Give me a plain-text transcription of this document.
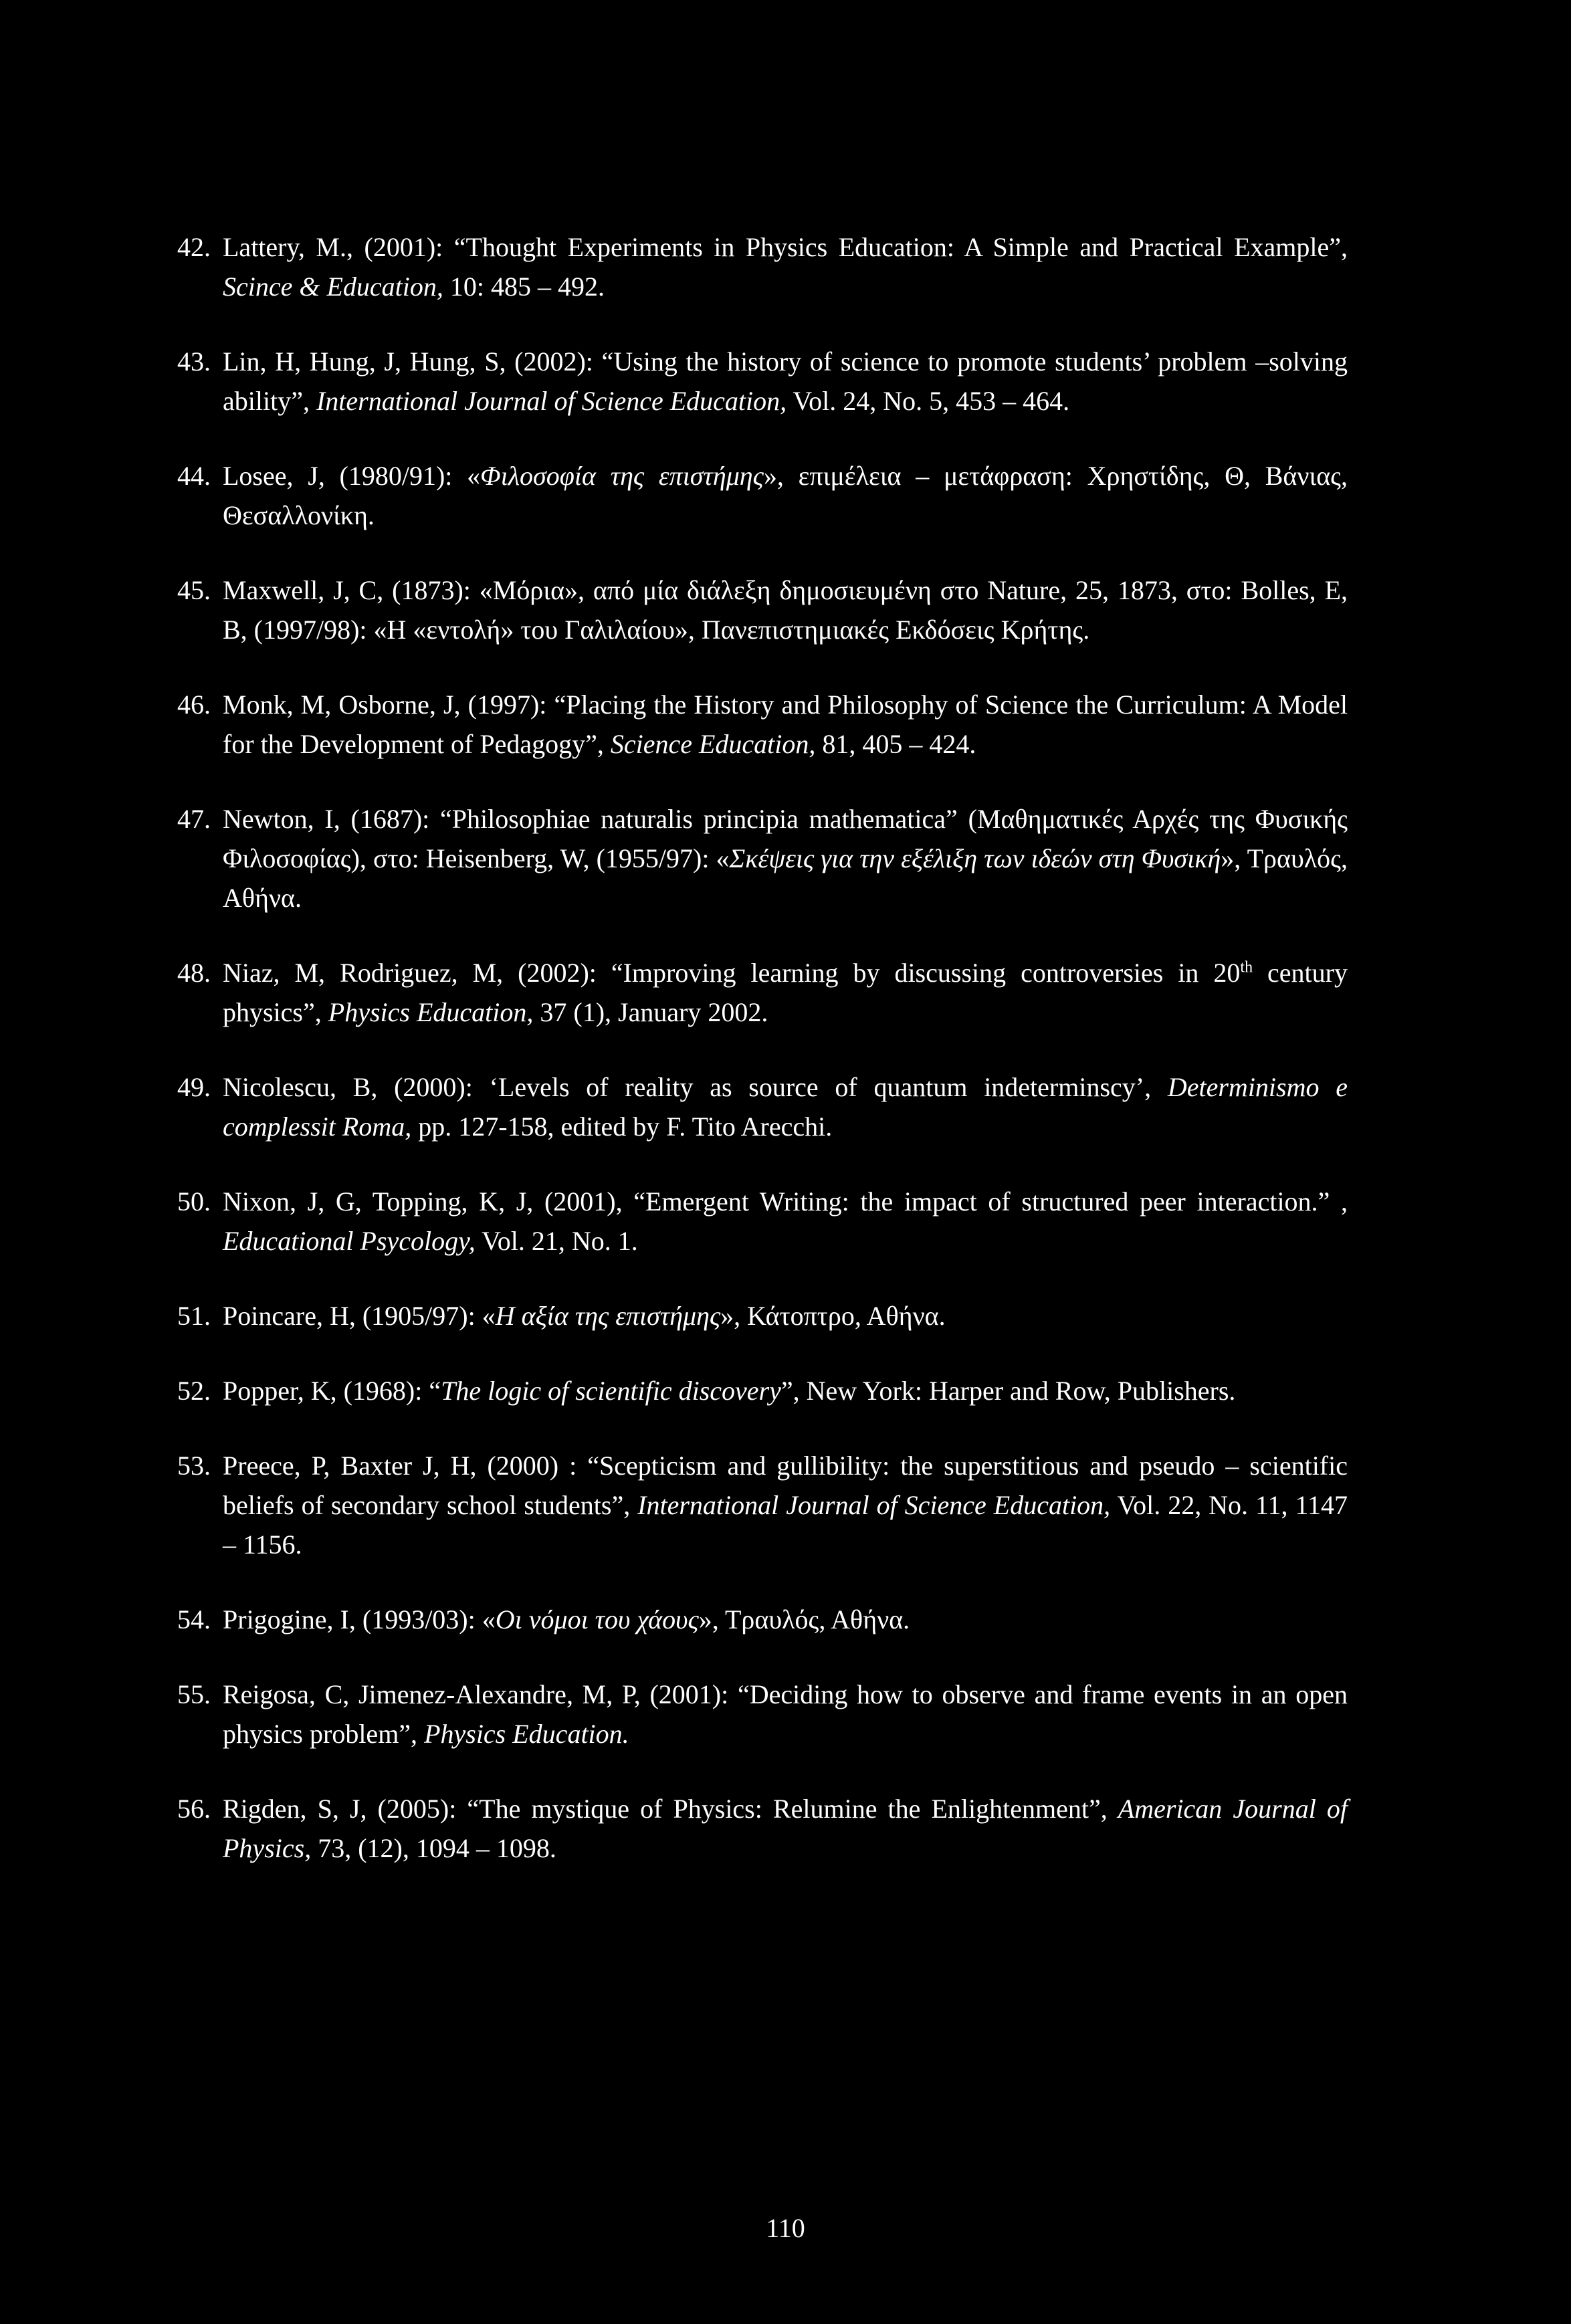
42. Lattery, M., (2001): “Thought Experiments in Physics Education: A Simple and Practical Example”, Scince & Education, 10: 485 – 492.
43. Lin, H, Hung, J, Hung, S, (2002): “Using the history of science to promote students’ problem –solving ability”, International Journal of Science Education, Vol. 24, No. 5, 453 – 464.
44. Losee, J, (1980/91): «Φιλοσοφία της επιστήμης», επιμέλεια – μετάφραση: Χρηστίδης, Θ, Βάνιας, Θεσαλλονίκη.
45. Maxwell, J, C, (1873): «Μόρια», από μία διάλεξη δημοσιευμένη στο Nature, 25, 1873, στο: Bolles, E, B, (1997/98): «Η «εντολή» του Γαλιλαίου», Πανεπιστημιακές Εκδόσεις Κρήτης.
46. Monk, M, Osborne, J, (1997): “Placing the History and Philosophy of Science the Curriculum: A Model for the Development of Pedagogy”, Science Education, 81, 405 – 424.
47. Newton, I, (1687): “Philosophiae naturalis principia mathematica” (Μαθηματικές Αρχές της Φυσικής Φιλοσοφίας), στο: Heisenberg, W, (1955/97): «Σκέψεις για την εξέλιξη των ιδεών στη Φυσική», Τραυλός, Αθήνα.
48. Niaz, M, Rodriguez, M, (2002): “Improving learning by discussing controversies in 20th century physics”, Physics Education, 37 (1), January 2002.
49. Nicolescu, B, (2000): ‘Levels of reality as source of quantum indeterminscy’, Determinismo e complessit Roma, pp. 127-158, edited by F. Tito Arecchi.
50. Nixon, J, G, Topping, K, J, (2001), “Emergent Writing: the impact of structured peer interaction.” , Educational Psycology, Vol. 21, No. 1.
51. Poincare, H, (1905/97): «Η αξία της επιστήμης», Κάτοπτρο, Αθήνα.
52. Popper, K, (1968): “The logic of scientific discovery”, New York: Harper and Row, Publishers.
53. Preece, P, Baxter J, H, (2000) : “Scepticism and gullibility: the superstitious and pseudo – scientific beliefs of secondary school students”, International Journal of Science Education, Vol. 22, No. 11, 1147 – 1156.
54. Prigogine, I, (1993/03): «Οι νόμοι του χάους», Τραυλός, Αθήνα.
55. Reigosa, C, Jimenez-Alexandre, M, P, (2001): “Deciding how to observe and frame events in an open physics problem”, Physics Education.
56. Rigden, S, J, (2005): “The mystique of Physics: Relumine the Enlightenment”, American Journal of Physics, 73, (12), 1094 – 1098.
110
